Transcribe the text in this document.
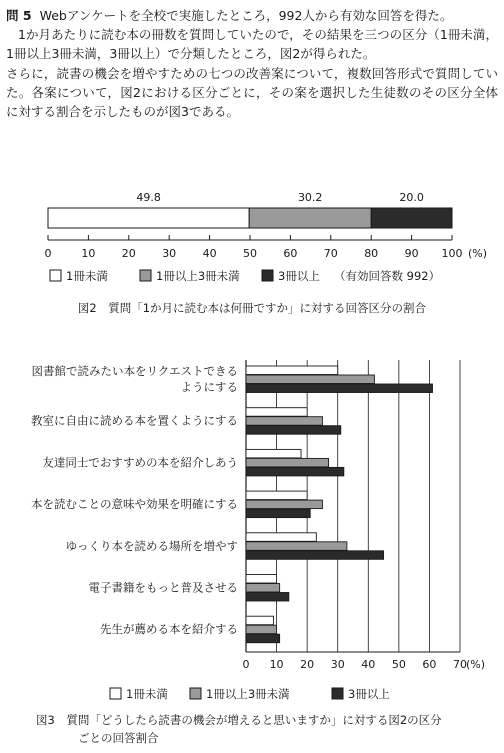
問 5 Webアンケートを全校で実施したところ，992人から有効な回答を得た。

1か月あたりに読む本の冊数を質問していたので，その結果を三つの区分（1冊未満，1冊以上3冊未満，3冊以上）で分類したところ，図2が得られた。

さらに，読書の機会を増やすための七つの改善案について，複数回答形式で質問していた。各案について，図2における区分ごとに，その案を選択した生徒数のその区分全体に対する割合を示したものが図3である。

49.8	30.2	20.0
0	10 20 30 40 50 60 70 80 90 100 (%)
1冊未満	1冊以上3冊未満	3冊以上 （有効回答数 992）
図2　質問「1か月に読む本は何冊ですか」に対する回答区分の割合
0 10 20 30 40 50 60 70 (%)
図書館で読みたい本をリクエストできる
ようにする
教室に自由に読める本を置くようにする
友達同士でおすすめの本を紹介しあう
本を読むことの意味や効果を明確にする
ゆっくり本を読める場所を増やす
電子書籍をもっと普及させる
先生が薦める本を紹介する
1冊未満	1冊以上3冊未満	3冊以上
図3　質問「どうしたら読書の機会が増えると思いますか」に対する図2の区分
ごとの回答割合
